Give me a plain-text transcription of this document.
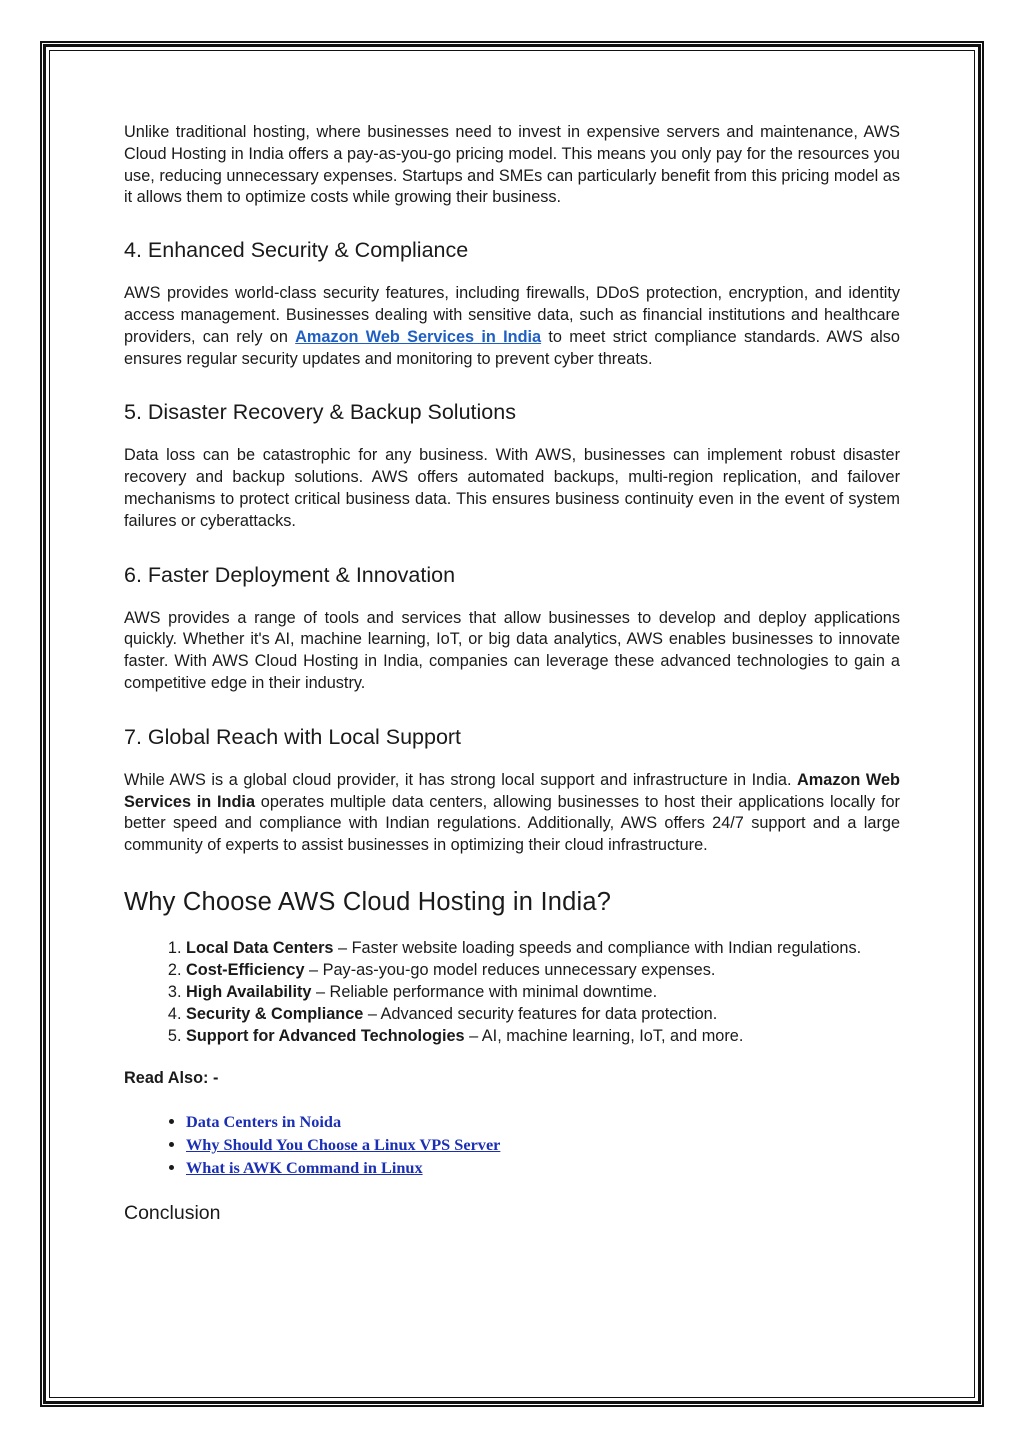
Unlike traditional hosting, where businesses need to invest in expensive servers and maintenance, AWS Cloud Hosting in India offers a pay-as-you-go pricing model. This means you only pay for the resources you use, reducing unnecessary expenses. Startups and SMEs can particularly benefit from this pricing model as it allows them to optimize costs while growing their business.

4. Enhanced Security & Compliance

AWS provides world-class security features, including firewalls, DDoS protection, encryption, and identity access management. Businesses dealing with sensitive data, such as financial institutions and healthcare providers, can rely on Amazon Web Services in India to meet strict compliance standards. AWS also ensures regular security updates and monitoring to prevent cyber threats.

5. Disaster Recovery & Backup Solutions

Data loss can be catastrophic for any business. With AWS, businesses can implement robust disaster recovery and backup solutions. AWS offers automated backups, multi-region replication, and failover mechanisms to protect critical business data. This ensures business continuity even in the event of system failures or cyberattacks.

6. Faster Deployment & Innovation

AWS provides a range of tools and services that allow businesses to develop and deploy applications quickly. Whether it's AI, machine learning, IoT, or big data analytics, AWS enables businesses to innovate faster. With AWS Cloud Hosting in India, companies can leverage these advanced technologies to gain a competitive edge in their industry.

7. Global Reach with Local Support

While AWS is a global cloud provider, it has strong local support and infrastructure in India. Amazon Web Services in India operates multiple data centers, allowing businesses to host their applications locally for better speed and compliance with Indian regulations. Additionally, AWS offers 24/7 support and a large community of experts to assist businesses in optimizing their cloud infrastructure.

Why Choose AWS Cloud Hosting in India?
1. Local Data Centers – Faster website loading speeds and compliance with Indian regulations.
2. Cost-Efficiency – Pay-as-you-go model reduces unnecessary expenses.
3. High Availability – Reliable performance with minimal downtime.
4. Security & Compliance – Advanced security features for data protection.
5. Support for Advanced Technologies – AI, machine learning, IoT, and more.

Read Also: -

• Data Centers in Noida
• Why Should You Choose a Linux VPS Server
• What is AWK Command in Linux

Conclusion
